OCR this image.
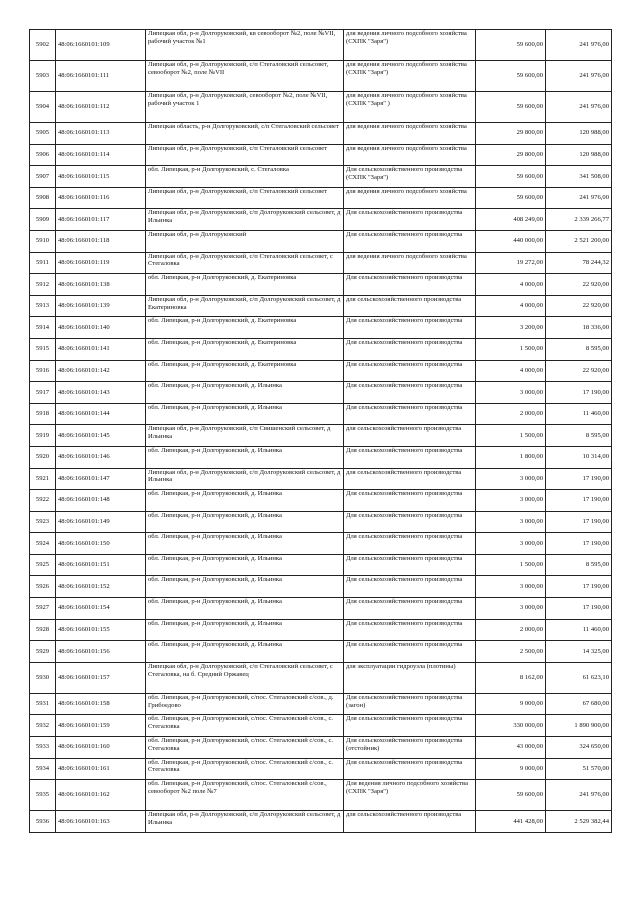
5902	48:06:1660101:109	Липецкая обл, р-н Долгоруковский, кв севооборот №2, поле №VII, рабочий участок №1	для ведения личного подсобного хозяйства (СХПК "Заря")	59 600,00	241 976,00
5903	48:06:1660101:111	Липецкая обл, р-н Долгоруковский, с/п Стегаловский сельсовет, севооборот №2, поле №VII	для ведения личного подсобного хозяйства (СХПК "Заря")	59 600,00	241 976,00
5904	48:06:1660101:112	Липецкая обл, р-н Долгоруковский, севооборот №2, поле №VII, рабочий участок 1	для ведения личного подсобного хозяйства (СХПК "Заря" )	59 600,00	241 976,00
5905	48:06:1660101:113	Липецкая область, р-н Долгоруковский, с/п Стегаловский сельсовет	для ведения личного подсобного хозяйства	29 800,00	120 988,00
5906	48:06:1660101:114	Липецкая обл, р-н Долгоруковский, с/п Стегаловский сельсовет	для ведения личного подсобного хозяйства	29 800,00	120 988,00
5907	48:06:1660101:115	обл. Липецкая, р-н Долгоруковский, с. Стегаловка	Для сельскохозяйственного производства (СХПК "Заря")	59 600,00	341 508,00
5908	48:06:1660101:116	Липецкая обл, р-н Долгоруковский, с/п Стегаловский сельсовет	для ведения личного подсобного хозяйства	59 600,00	241 976,00
5909	48:06:1660101:117	Липецкая обл, р-н Долгоруковский, с/п Долгоруковский сельсовет, д Ильинка	Для сельскохозяйственного производства	408 249,00	2 339 266,77
5910	48:06:1660101:118	Липецкая обл, р-н Долгоруковский	Для сельскохозяйственного производства	440 000,00	2 521 200,00
5911	48:06:1660101:119	Липецкая обл, р-н Долгоруковский, с/п Стегаловский сельсовет, с Стегаловка	для ведения личного подсобного хозяйства	19 272,00	78 244,32
5912	48:06:1660101:138	обл. Липецкая, р-н Долгоруковский, д. Екатериновка	Для сельскохозяйственного производства	4 000,00	22 920,00
5913	48:06:1660101:139	Липецкая обл, р-н Долгоруковский, с/п Долгоруковский сельсовет, д Екатериновка	для сельскохозяйственного производства	4 000,00	22 920,00
5914	48:06:1660101:140	обл. Липецкая, р-н Долгоруковский, д. Екатериновка	Для сельскохозяйственного производства	3 200,00	18 336,00
5915	48:06:1660101:141	обл. Липецкая, р-н Долгоруковский, д. Екатериновка	Для сельскохозяйственного производства	1 500,00	8 595,00
5916	48:06:1660101:142	обл. Липецкая, р-н Долгоруковский, д. Екатериновка	Для сельскохозяйственного производства	4 000,00	22 920,00
5917	48:06:1660101:143	обл. Липецкая, р-н Долгоруковский, д. Ильинка	Для сельскохозяйственного производства	3 000,00	17 190,00
5918	48:06:1660101:144	обл. Липецкая, р-н Долгоруковский, д. Ильинка	Для сельскохозяйственного производства	2 000,00	11 460,00
5919	48:06:1660101:145	Липецкая обл, р-н Долгоруковский, с/п Свишенский сельсовет, д Ильинка	для сельскохозяйственного производства	1 500,00	8 595,00
5920	48:06:1660101:146	обл. Липецкая, р-н Долгоруковский, д. Ильинка	Для сельскохозяйственного производства	1 800,00	10 314,00
5921	48:06:1660101:147	Липецкая обл, р-н Долгоруковский, с/п Долгоруковский сельсовет, д Ильинка	для сельскохозяйственного производства	3 000,00	17 190,00
5922	48:06:1660101:148	обл. Липецкая, р-н Долгоруковский, д. Ильинка	Для сельскохозяйственного производства	3 000,00	17 190,00
5923	48:06:1660101:149	обл. Липецкая, р-н Долгоруковский, д. Ильинка	Для сельскохозяйственного производства	3 000,00	17 190,00
5924	48:06:1660101:150	обл. Липецкая, р-н Долгоруковский, д. Ильинка	Для сельскохозяйственного производства	3 000,00	17 190,00
5925	48:06:1660101:151	обл. Липецкая, р-н Долгоруковский, д. Ильинка	Для сельскохозяйственного производства	1 500,00	8 595,00
5926	48:06:1660101:152	обл. Липецкая, р-н Долгоруковский, д. Ильинка	Для сельскохозяйственного производства	3 000,00	17 190,00
5927	48:06:1660101:154	обл. Липецкая, р-н Долгоруковский, д. Ильинка	Для сельскохозяйственного производства	3 000,00	17 190,00
5928	48:06:1660101:155	обл. Липецкая, р-н Долгоруковский, д. Ильинка	Для сельскохозяйственного производства	2 000,00	11 460,00
5929	48:06:1660101:156	обл. Липецкая, р-н Долгоруковский, д. Ильинка	Для сельскохозяйственного производства	2 500,00	14 325,00
5930	48:06:1660101:157	Липецкая обл, р-н Долгоруковский, с/п Стегаловский сельсовет, с Стегаловка, на б. Средний Оржавец	для эксплуатации гидроузла (плотины)	8 162,00	61 623,10
5931	48:06:1660101:158	обл. Липецкая, р-н Долгоруковский, с/пос. Стегаловский с/сов., д. Грибоедово	Для сельскохозяйственного производства (загон)	9 000,00	67 680,00
5932	48:06:1660101:159	обл. Липецкая, р-н Долгоруковский, с/пос. Стегаловский с/сов., с. Стегаловка	Для сельскохозяйственного производства	330 000,00	1 890 900,00
5933	48:06:1660101:160	обл. Липецкая, р-н Долгоруковский, с/пос. Стегаловский с/сов., с. Стегаловка	Для сельскохозяйственного производства (отстойник)	43 000,00	324 650,00
5934	48:06:1660101:161	обл. Липецкая, р-н Долгоруковский, с/пос. Стегаловский с/сов., с. Стегаловка	Для сельскохозяйственного производства	9 000,00	51 570,00
5935	48:06:1660101:162	обл. Липецкая, р-н Долгоруковский, с/пос. Стегаловский с/сов., севооборот №2 поле №7	Для ведения личного подсобного хозяйства (СХПК "Заря")	59 600,00	241 976,00
5936	48:06:1660101:163	Липецкая обл, р-н Долгоруковский, с/п Долгоруковский сельсовет, д Ильинка	для сельскохозяйственного производства	441 428,00	2 529 382,44
